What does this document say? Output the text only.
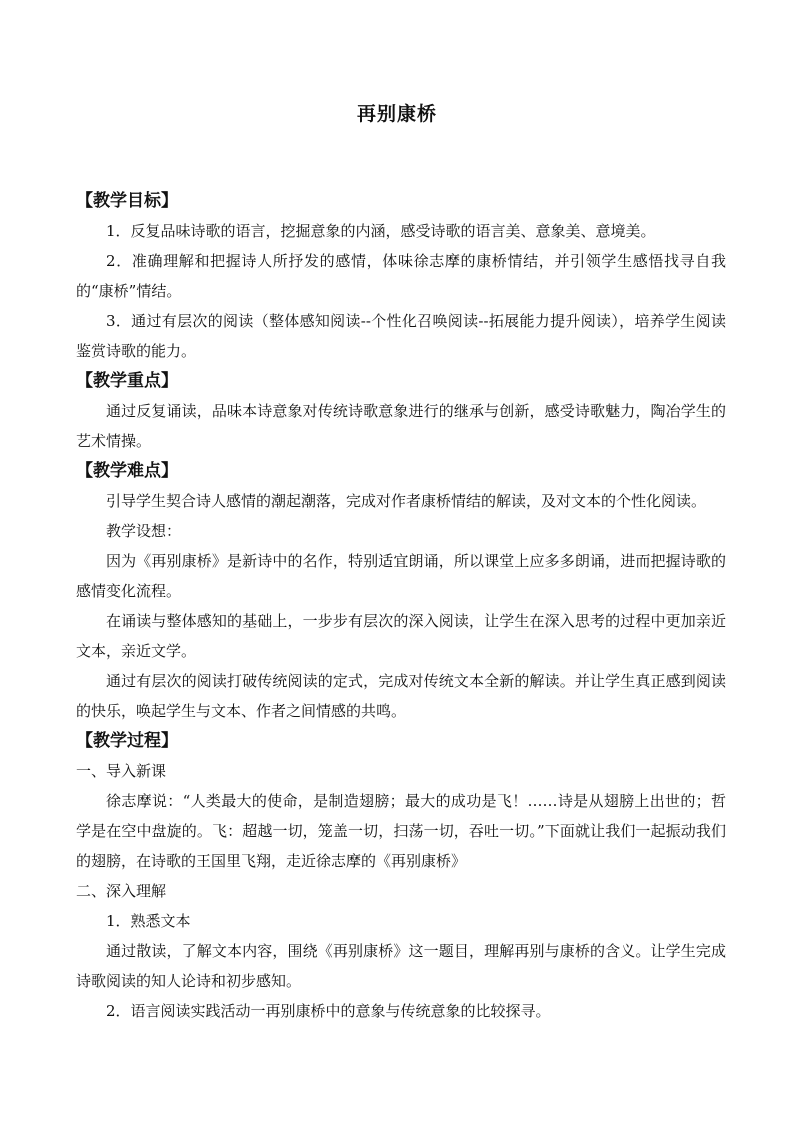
再别康桥
【教学目标】

1．反复品味诗歌的语言，挖掘意象的内涵，感受诗歌的语言美、意象美、意境美。

2．准确理解和把握诗人所抒发的感情，体味徐志摩的康桥情结，并引领学生感悟找寻自我的“康桥”情结。

3．通过有层次的阅读（整体感知阅读--个性化召唤阅读--拓展能力提升阅读），培养学生阅读鉴赏诗歌的能力。

【教学重点】

通过反复诵读，品味本诗意象对传统诗歌意象进行的继承与创新，感受诗歌魅力，陶冶学生的艺术情操。

【教学难点】

引导学生契合诗人感情的潮起潮落，完成对作者康桥情结的解读，及对文本的个性化阅读。

教学设想：

因为《再别康桥》是新诗中的名作，特别适宜朗诵，所以课堂上应多多朗诵，进而把握诗歌的感情变化流程。

在诵读与整体感知的基础上，一步步有层次的深入阅读，让学生在深入思考的过程中更加亲近文本，亲近文学。

通过有层次的阅读打破传统阅读的定式，完成对传统文本全新的解读。并让学生真正感到阅读的快乐，唤起学生与文本、作者之间情感的共鸣。

【教学过程】

一、导入新课

徐志摩说：“人类最大的使命，是制造翅膀；最大的成功是飞！……诗是从翅膀上出世的；哲学是在空中盘旋的。飞：超越一切，笼盖一切，扫荡一切，吞吐一切。”下面就让我们一起振动我们的翅膀，在诗歌的王国里飞翔，走近徐志摩的《再别康桥》

二、深入理解

1．熟悉文本

通过散读，了解文本内容，围绕《再别康桥》这一题目，理解再别与康桥的含义。让学生完成诗歌阅读的知人论诗和初步感知。

2．语言阅读实践活动一再别康桥中的意象与传统意象的比较探寻。
